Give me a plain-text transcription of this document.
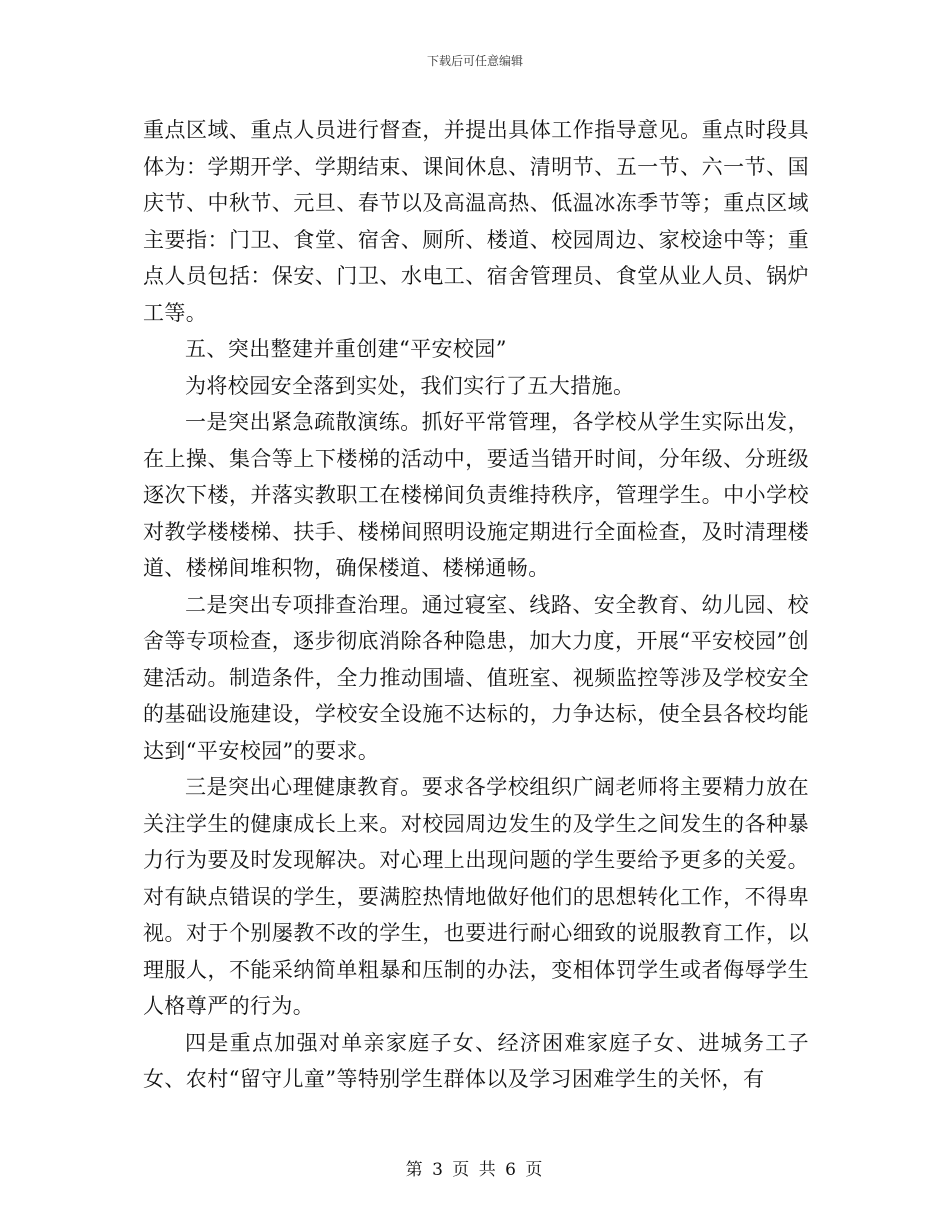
下载后可任意编辑

重点区域、重点人员进行督查，并提出具体工作指导意见。重点时段具体为：学期开学、学期结束、课间休息、清明节、五一节、六一节、国庆节、中秋节、元旦、春节以及高温高热、低温冰冻季节等；重点区域主要指：门卫、食堂、宿舍、厕所、楼道、校园周边、家校途中等；重点人员包括：保安、门卫、水电工、宿舍管理员、食堂从业人员、锅炉工等。

五、突出整建并重创建“平安校园”

为将校园安全落到实处，我们实行了五大措施。

一是突出紧急疏散演练。抓好平常管理，各学校从学生实际出发，在上操、集合等上下楼梯的活动中，要适当错开时间，分年级、分班级逐次下楼，并落实教职工在楼梯间负责维持秩序，管理学生。中小学校对教学楼楼梯、扶手、楼梯间照明设施定期进行全面检查，及时清理楼道、楼梯间堆积物，确保楼道、楼梯通畅。

二是突出专项排查治理。通过寝室、线路、安全教育、幼儿园、校舍等专项检查，逐步彻底消除各种隐患，加大力度，开展“平安校园”创建活动。制造条件，全力推动围墙、值班室、视频监控等涉及学校安全的基础设施建设，学校安全设施不达标的，力争达标，使全县各校均能达到“平安校园”的要求。

三是突出心理健康教育。要求各学校组织广阔老师将主要精力放在关注学生的健康成长上来。对校园周边发生的及学生之间发生的各种暴力行为要及时发现解决。对心理上出现问题的学生要给予更多的关爱。对有缺点错误的学生，要满腔热情地做好他们的思想转化工作，不得卑视。对于个别屡教不改的学生，也要进行耐心细致的说服教育工作，以理服人，不能采纳简单粗暴和压制的办法，变相体罚学生或者侮辱学生人格尊严的行为。

四是重点加强对单亲家庭子女、经济困难家庭子女、进城务工子女、农村“留守儿童”等特别学生群体以及学习困难学生的关怀，有

第 3 页 共 6 页
